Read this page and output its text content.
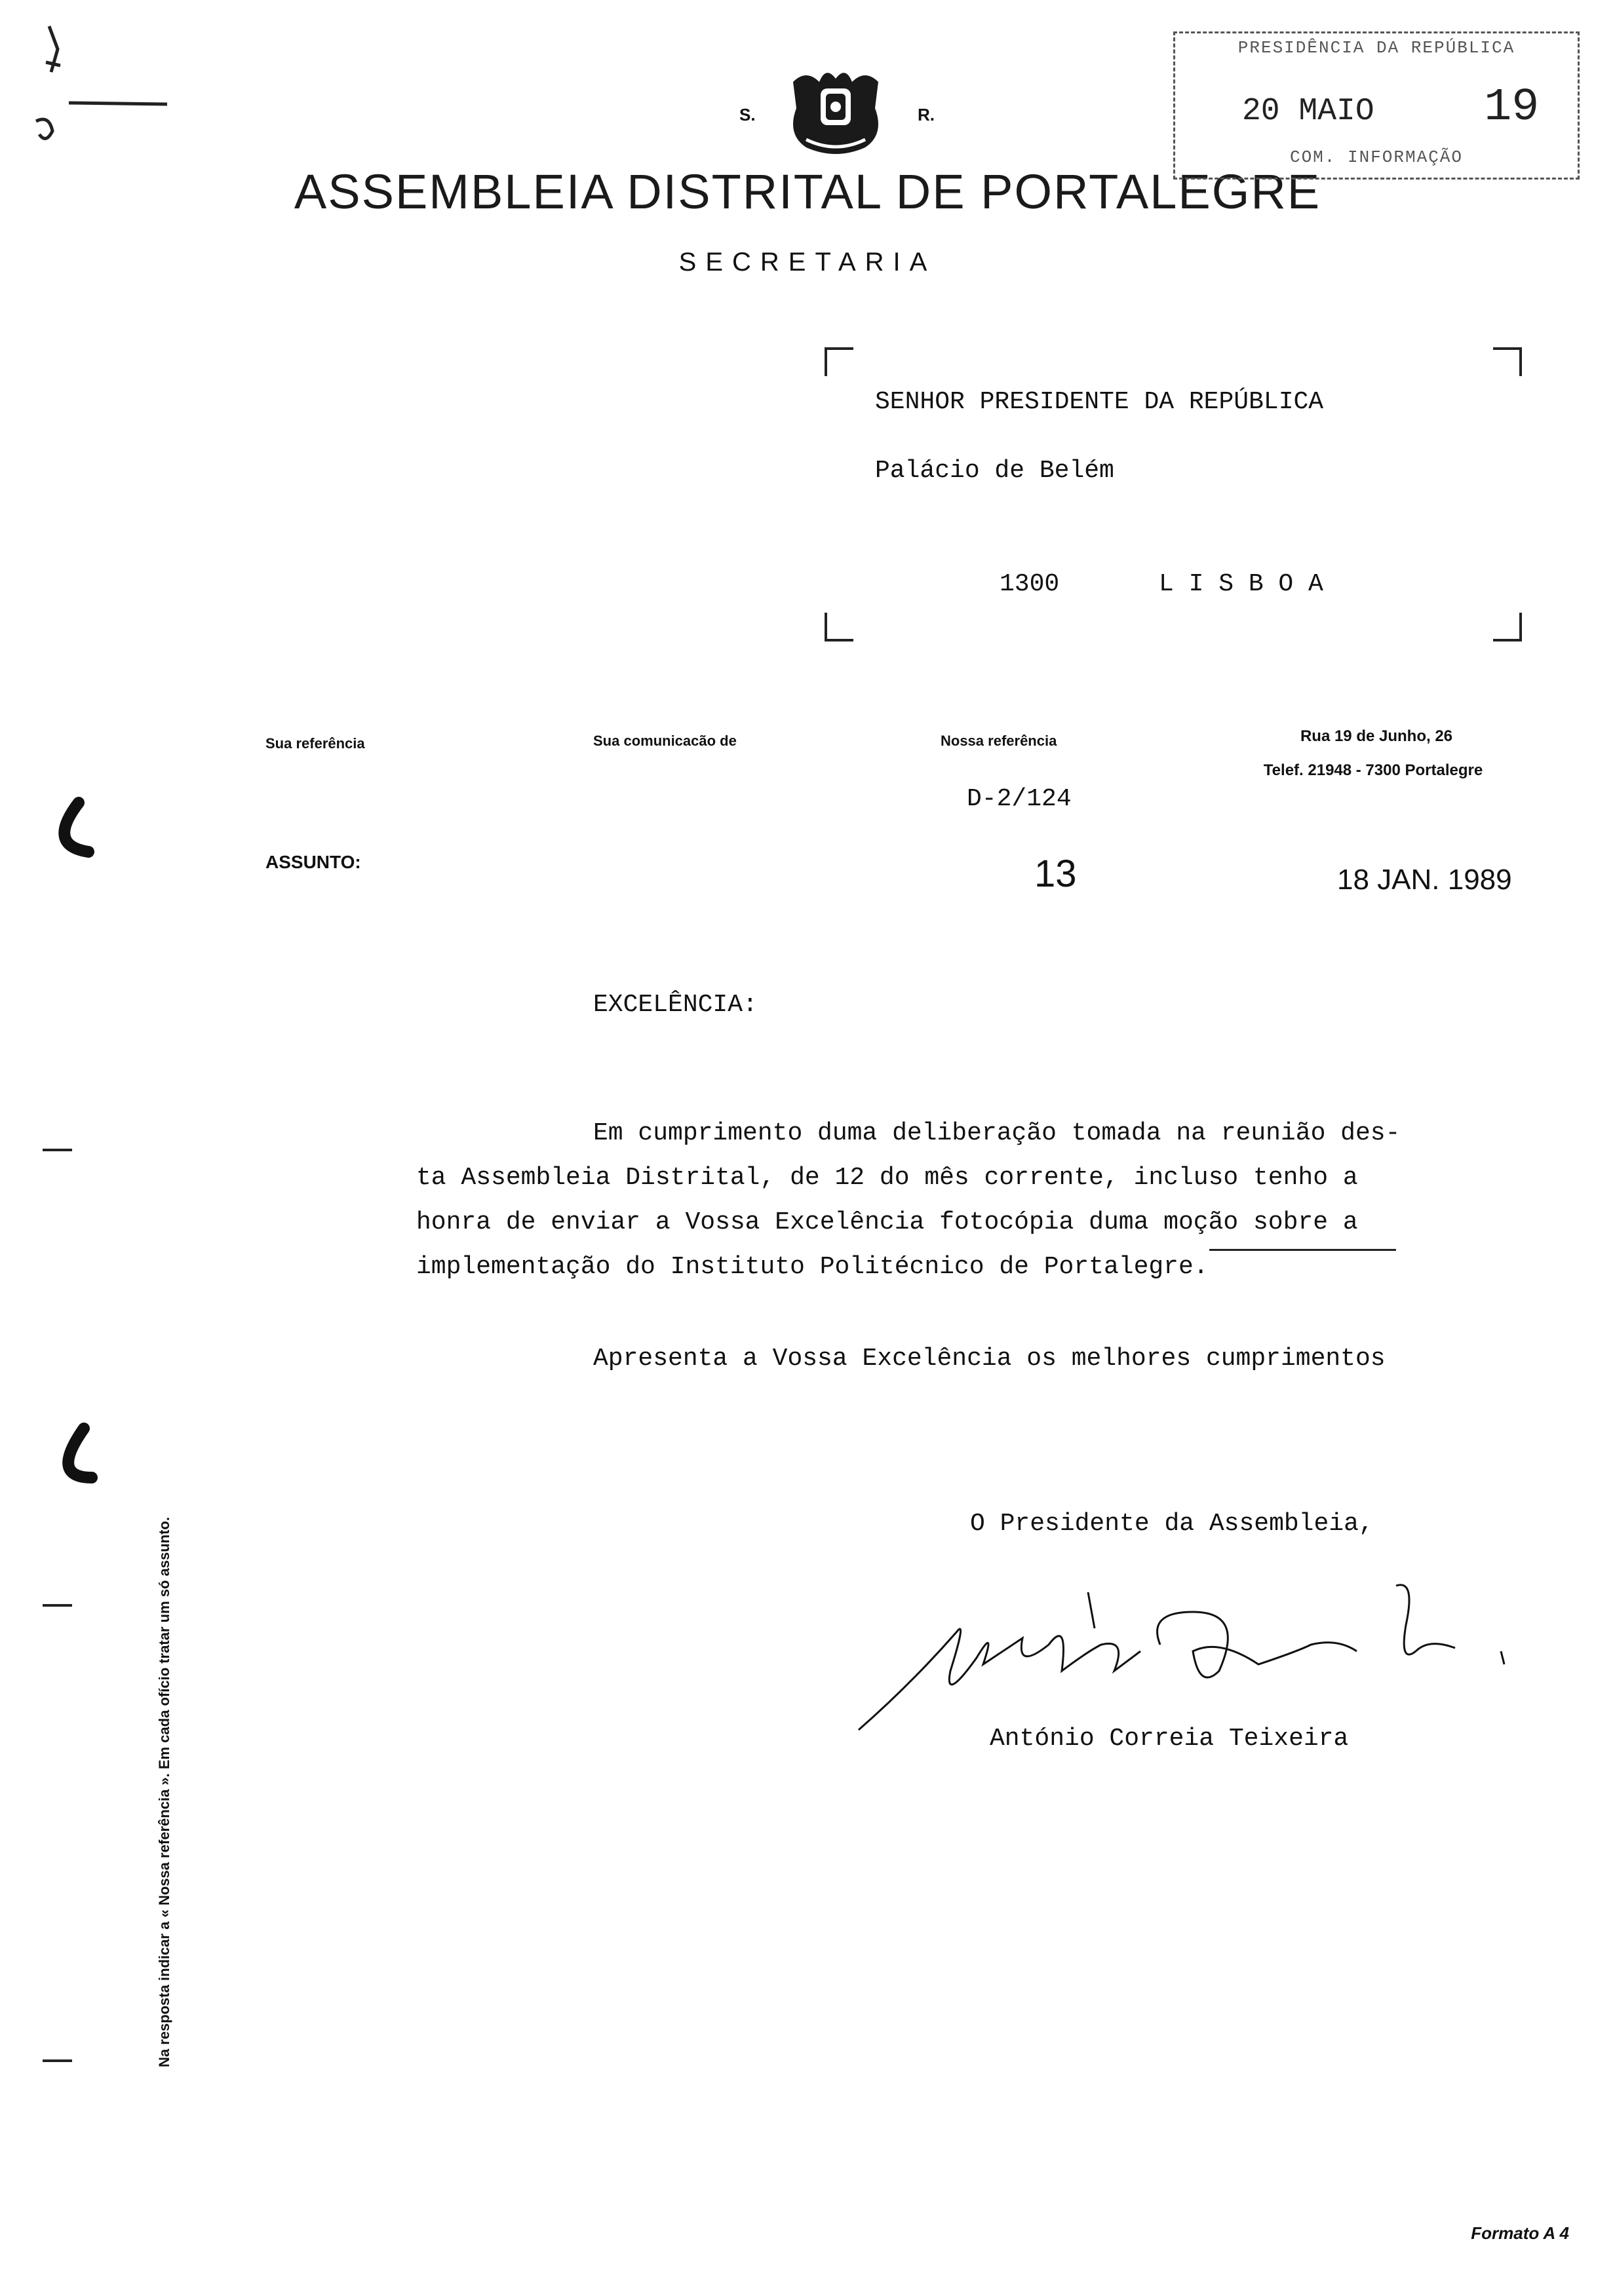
S.	R.
ASSEMBLEIA DISTRITAL DE PORTALEGRE
SECRETARIA
PRESIDÊNCIA DA REPÚBLICA
20 MAIO 19
COM. INFORMAÇÃO
SENHOR PRESIDENTE DA REPÚBLICA
Palácio de Belém
1300	L I S B O A
Sua referência	Sua comunicacão de	Nossa referência	Rua 19 de Junho, 26
Telef. 21948 - 7300 Portalegre
D-2/124
ASSUNTO:	13	18 JAN. 1989
EXCELÊNCIA:
Em cumprimento duma deliberação tomada na reunião des-
ta Assembleia Distrital, de 12 do mês corrente, incluso tenho a
honra de enviar a Vossa Excelência fotocópia duma moção sobre a
implementação do Instituto Politécnico de Portalegre.
Apresenta a Vossa Excelência os melhores cumprimentos
O Presidente da Assembleia,
António Correia Teixeira
Na resposta indicar a « Nossa referência ». Em cada ofício tratar um só assunto.
Formato A 4
